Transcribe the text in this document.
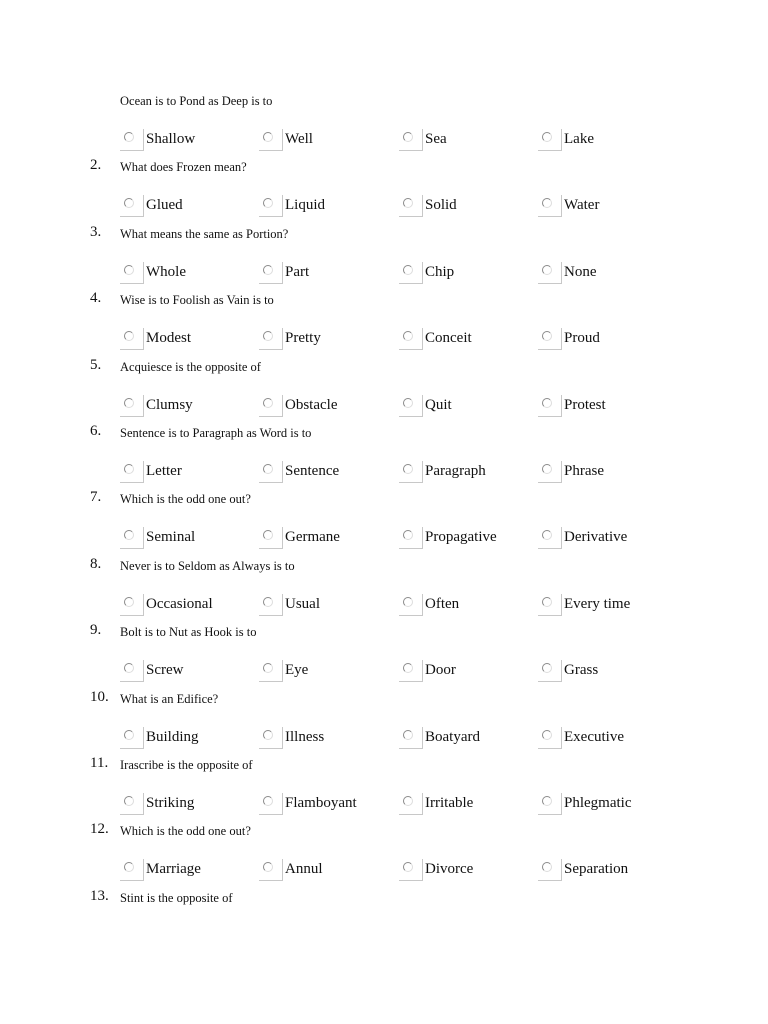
Ocean is to Pond as Deep is to
Shallow	Well	Sea	Lake
2.	What does Frozen mean?
Glued	Liquid	Solid	Water
3.	What means the same as Portion?
Whole	Part	Chip	None
4.	Wise is to Foolish as Vain is to
Modest	Pretty	Conceit	Proud
5.	Acquiesce is the opposite of
Clumsy	Obstacle	Quit	Protest
6.	Sentence is to Paragraph as Word is to
Letter	Sentence	Paragraph	Phrase
7.	Which is the odd one out?
Seminal	Germane	Propagative	Derivative
8.	Never is to Seldom as Always is to
Occasional	Usual	Often	Every time
9.	Bolt is to Nut as Hook is to
Screw	Eye	Door	Grass
10. What is an Edifice?
Building	Illness	Boatyard	Executive
11. Irascribe is the opposite of
Striking	Flamboyant	Irritable	Phlegmatic
12. Which is the odd one out?
Marriage	Annul	Divorce	Separation
13. Stint is the opposite of
